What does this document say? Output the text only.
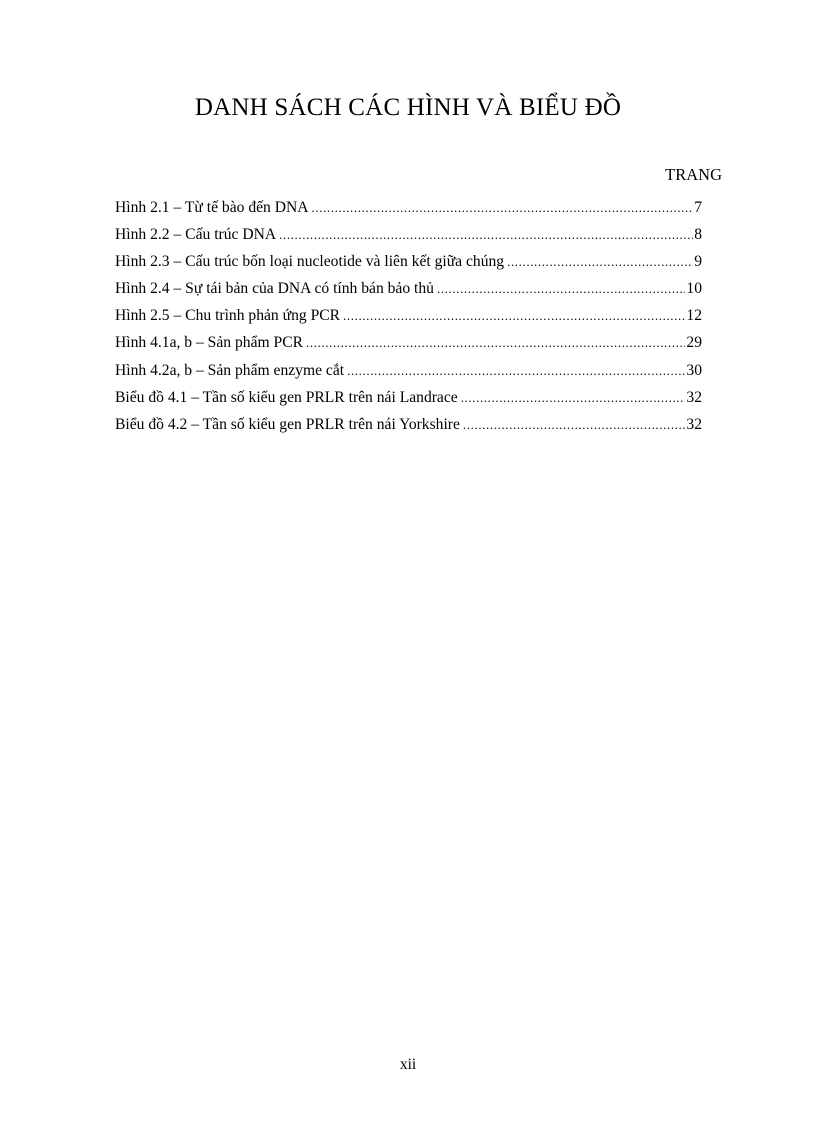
DANH SÁCH CÁC HÌNH VÀ BIỂU ĐỒ
TRANG
Hình 2.1 – Từ tế bào đến DNA .....	7
Hình 2.2 – Cấu trúc DNA .....	8
Hình 2.3 – Cấu trúc bốn loại nucleotide và liên kết giữa chúng .....	9
Hình 2.4 – Sự tái bản của DNA có tính bán bảo thủ .....	10
Hình 2.5 – Chu trình phản ứng PCR .....	12
Hình 4.1a, b – Sản phẩm PCR .....	29
Hình 4.2a, b – Sản phẩm enzyme cắt .....	30
Biểu đồ 4.1 – Tần số kiểu gen PRLR trên nái Landrace .....	32
Biểu đồ 4.2 – Tần số kiểu gen PRLR trên nái Yorkshire .....	32
xii
